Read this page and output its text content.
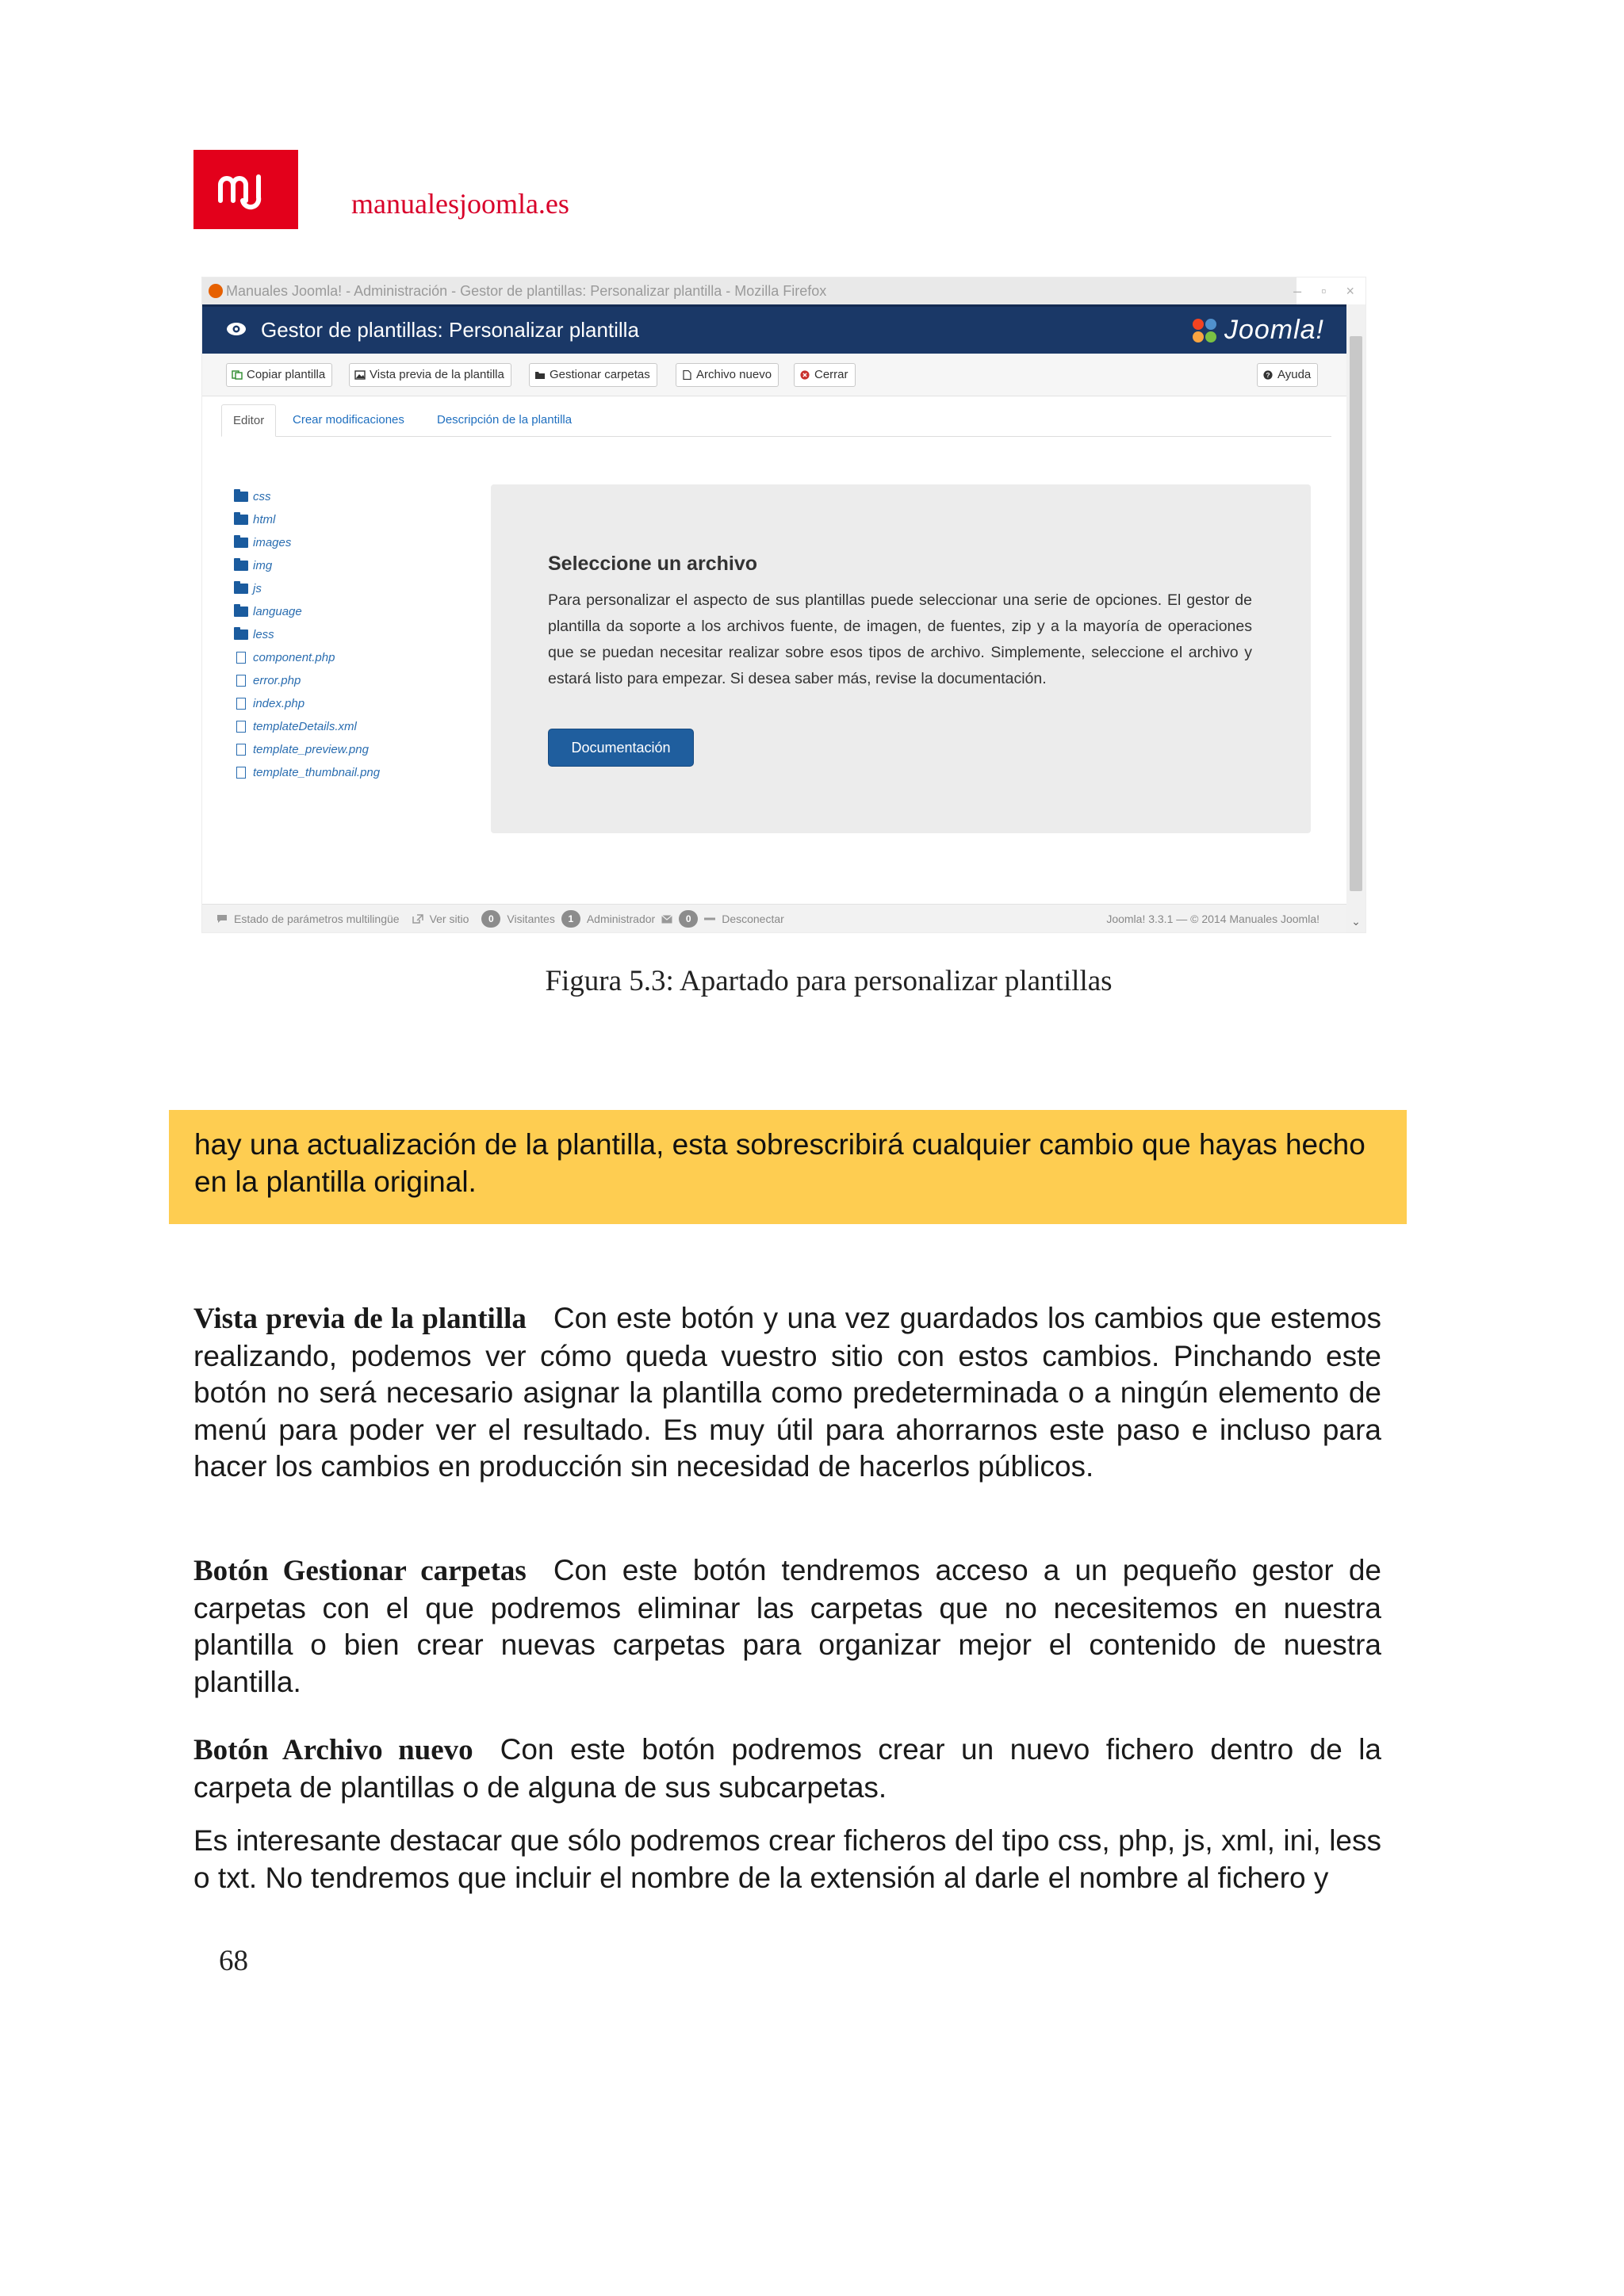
manualesjoomla.es
Manuales Joomla! - Administración - Gestor de plantillas: Personalizar plantilla - Mozilla Firefox	– ▫ ×
Gestor de plantillas: Personalizar plantilla	Joomla!
Copiar plantilla	Vista previa de la plantilla	Gestionar carpetas	Archivo nuevo	Cerrar	? Ayuda
Editor	Crear modificaciones	Descripción de la plantilla
css
html
images
img
js
language
less
component.php
error.php
index.php
templateDetails.xml
template_preview.png
template_thumbnail.png
Seleccione un archivo
Para personalizar el aspecto de sus plantillas puede seleccionar una serie de opciones. El gestor de plantilla da soporte a los archivos fuente, de imagen, de fuentes, zip y a la mayoría de operaciones que se puedan necesitar realizar sobre esos tipos de archivo. Simplemente, seleccione el archivo y estará listo para empezar. Si desea saber más, revise la documentación.
Documentación
Estado de parámetros multilingüe	Ver sitio	0	Visitantes	1	Administrador	0	Desconectar	Joomla! 3.3.1 — © 2014 Manuales Joomla!	⌄
Figura 5.3: Apartado para personalizar plantillas
hay una actualización de la plantilla, esta sobrescribirá cualquier cambio que hayas hecho en la plantilla original.
Vista previa de la plantilla Con este botón y una vez guardados los cambios que estemos realizando, podemos ver cómo queda vuestro sitio con estos cambios. Pinchando este botón no será necesario asignar la plantilla como predeterminada o a ningún elemento de menú para poder ver el resultado. Es muy útil para ahorrarnos este paso e incluso para hacer los cambios en producción sin necesidad de hacerlos públicos.
Botón Gestionar carpetas Con este botón tendremos acceso a un pequeño gestor de carpetas con el que podremos eliminar las carpetas que no necesitemos en nuestra plantilla o bien crear nuevas carpetas para organizar mejor el contenido de nuestra plantilla.
Botón Archivo nuevo Con este botón podremos crear un nuevo fichero dentro de la carpeta de plantillas o de alguna de sus subcarpetas.
Es interesante destacar que sólo podremos crear ficheros del tipo css, php, js, xml, ini, less o txt. No tendremos que incluir el nombre de la extensión al darle el nombre al fichero y
68
